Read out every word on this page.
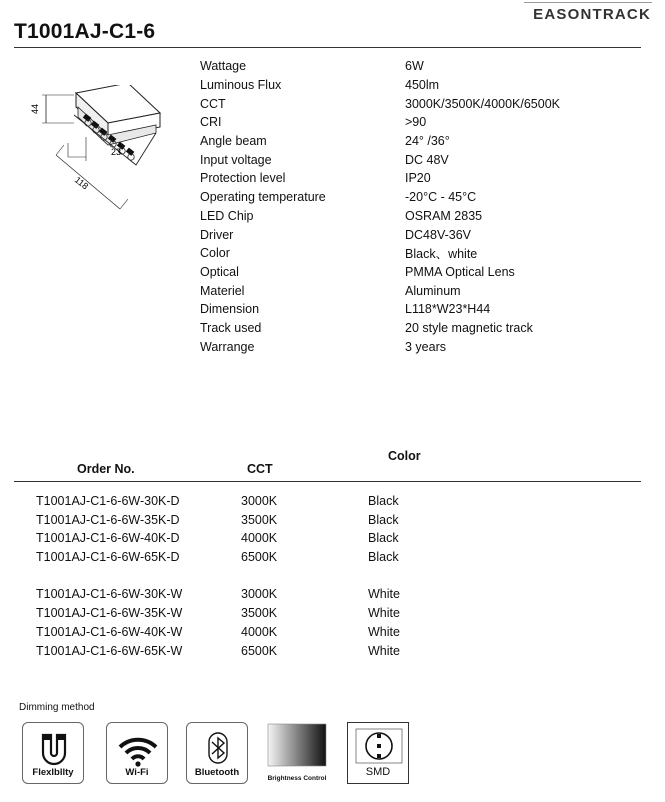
EASONTRACK
T1001AJ-C1-6
44
23
118
Wattage	6W
Luminous Flux	450lm
CCT	3000K/3500K/4000K/6500K
CRI	>90
Angle beam	24° /36°
Input voltage	DC 48V
Protection level	IP20
Operating temperature	-20°C - 45°C
LED Chip	OSRAM 2835
Driver	DC48V-36V
Color	Black、white
Optical	PMMA Optical Lens
Materiel	Aluminum
Dimension	L118*W23*H44
Track used	20 style magnetic track
Warrange	3 years
Order No.	CCT
Color
T1001AJ-C1-6-6W-30K-D	3000K	Black
T1001AJ-C1-6-6W-35K-D	3500K	Black
T1001AJ-C1-6-6W-40K-D	4000K	Black
T1001AJ-C1-6-6W-65K-D	6500K	Black
T1001AJ-C1-6-6W-30K-W	3000K	White
T1001AJ-C1-6-6W-35K-W	3500K	White
T1001AJ-C1-6-6W-40K-W	4000K	White
T1001AJ-C1-6-6W-65K-W	6500K	White
Dimming method
Flexlbllty	Wi-Fi	Bluetooth
Brightness Control
SMD
